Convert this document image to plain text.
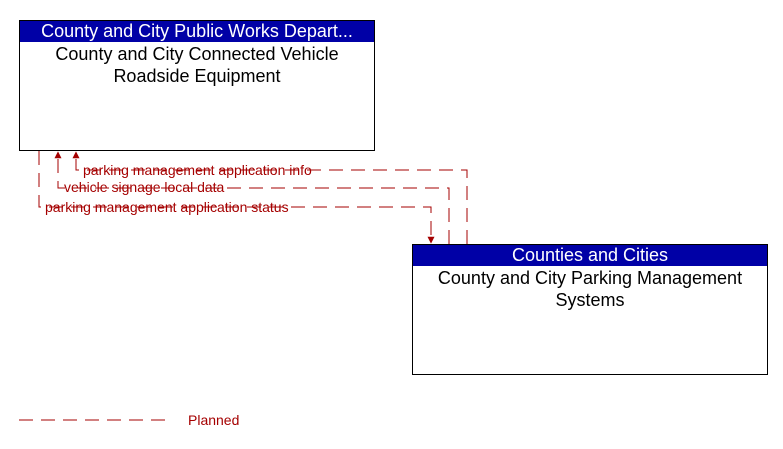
County and City Public Works Depart...
County and City Connected Vehicle Roadside Equipment
Counties and Cities
County and City Parking Management Systems
parking management application info
vehicle signage local data
parking management application status
Planned
